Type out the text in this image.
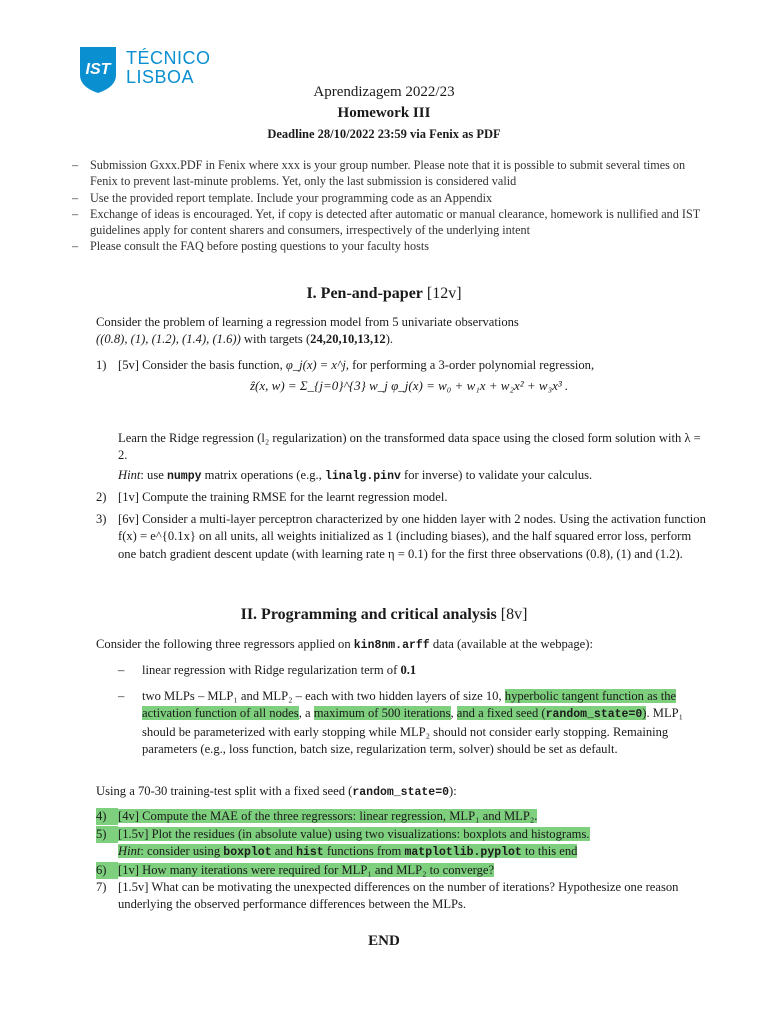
IST
TÉCNICO
LISBOA
Aprendizagem 2022/23
Homework III
Deadline 28/10/2022 23:59 via Fenix as PDF
– Submission Gxxx.PDF in Fenix where xxx is your group number. Please note that it is possible to submit several times on Fenix to prevent last-minute problems. Yet, only the last submission is considered valid
– Use the provided report template. Include your programming code as an Appendix
– Exchange of ideas is encouraged. Yet, if copy is detected after automatic or manual clearance, homework is nullified and IST guidelines apply for content sharers and consumers, irrespectively of the underlying intent
– Please consult the FAQ before posting questions to your faculty hosts
I. Pen-and-paper [12v]
Consider the problem of learning a regression model from 5 univariate observations
((0.8), (1), (1.2), (1.4), (1.6)) with targets (24,20,10,13,12).
1) [5v] Consider the basis function, φ_j(x) = x^j, for performing a 3-order polynomial regression,
ẑ(x, w) = Σ_{j=0}^{3} w_j φ_j(x) = w₀ + w₁x + w₂x² + w₃x³ .
Learn the Ridge regression (l₂ regularization) on the transformed data space using the closed form solution with λ = 2.
Hint: use numpy matrix operations (e.g., linalg.pinv for inverse) to validate your calculus.
2) [1v] Compute the training RMSE for the learnt regression model.
3) [6v] Consider a multi-layer perceptron characterized by one hidden layer with 2 nodes. Using the activation function f(x) = e^{0.1x} on all units, all weights initialized as 1 (including biases), and the half squared error loss, perform one batch gradient descent update (with learning rate η = 0.1) for the first three observations (0.8), (1) and (1.2).
II. Programming and critical analysis [8v]
Consider the following three regressors applied on kin8nm.arff data (available at the webpage):
– linear regression with Ridge regularization term of 0.1
– two MLPs – MLP₁ and MLP₂ – each with two hidden layers of size 10, hyperbolic tangent function as the activation function of all nodes, a maximum of 500 iterations, and a fixed seed (random_state=0). MLP₁ should be parameterized with early stopping while MLP₂ should not consider early stopping. Remaining parameters (e.g., loss function, batch size, regularization term, solver) should be set as default.
Using a 70-30 training-test split with a fixed seed (random_state=0):
4) [4v] Compute the MAE of the three regressors: linear regression, MLP₁ and MLP₂.
5) [1.5v] Plot the residues (in absolute value) using two visualizations: boxplots and histograms.
Hint: consider using boxplot and hist functions from matplotlib.pyplot to this end
6) [1v] How many iterations were required for MLP₁ and MLP₂ to converge?
7) [1.5v] What can be motivating the unexpected differences on the number of iterations? Hypothesize one reason underlying the observed performance differences between the MLPs.
END
